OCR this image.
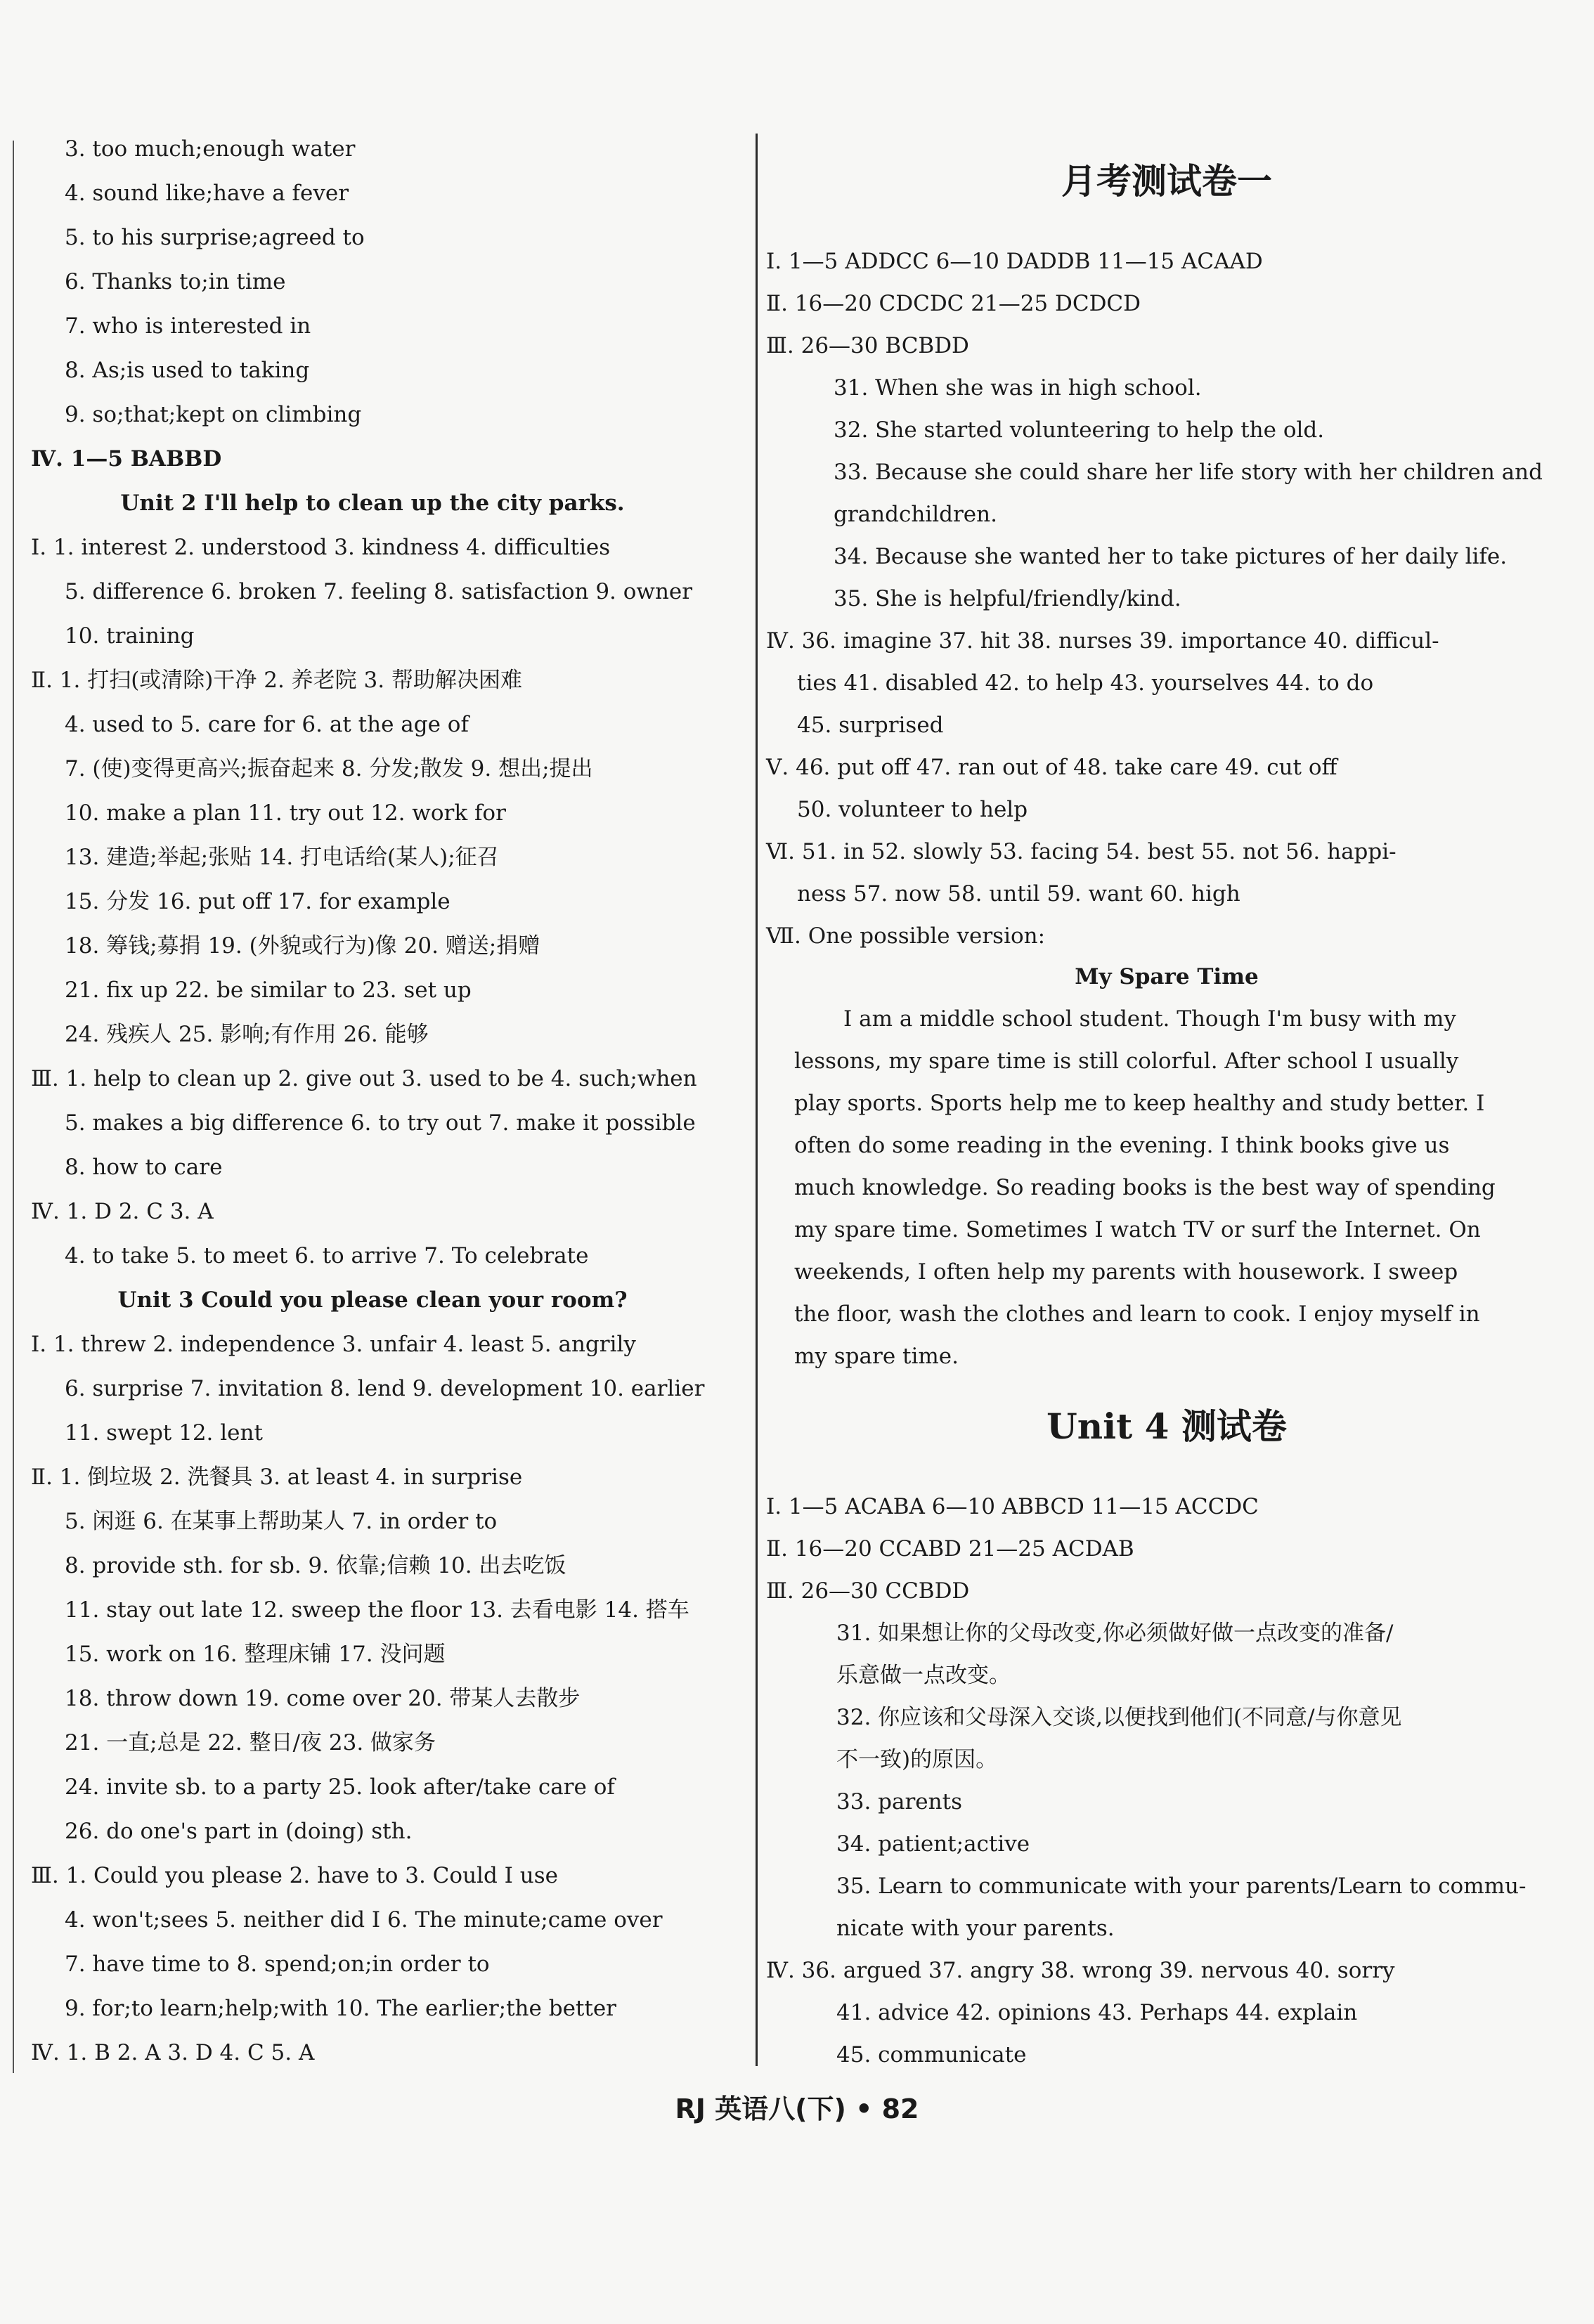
3. too much;enough water
4. sound like;have a fever
5. to his surprise;agreed to
6. Thanks to;in time
7. who is interested in
8. As;is used to taking
9. so;that;kept on climbing
Ⅳ. 1—5 BABBD
Unit 2 I'll help to clean up the city parks.
Ⅰ. 1. interest 2. understood 3. kindness 4. difficulties
5. difference 6. broken 7. feeling 8. satisfaction 9. owner
10. training
Ⅱ. 1. 打扫(或清除)干净 2. 养老院 3. 帮助解决困难
4. used to 5. care for 6. at the age of
7. (使)变得更高兴;振奋起来 8. 分发;散发 9. 想出;提出
10. make a plan 11. try out 12. work for
13. 建造;举起;张贴 14. 打电话给(某人);征召
15. 分发 16. put off 17. for example
18. 筹钱;募捐 19. (外貌或行为)像 20. 赠送;捐赠
21. fix up 22. be similar to 23. set up
24. 残疾人 25. 影响;有作用 26. 能够
Ⅲ. 1. help to clean up 2. give out 3. used to be 4. such;when
5. makes a big difference 6. to try out 7. make it possible
8. how to care
Ⅳ. 1. D 2. C 3. A
4. to take 5. to meet 6. to arrive 7. To celebrate
Unit 3 Could you please clean your room?
Ⅰ. 1. threw 2. independence 3. unfair 4. least 5. angrily
6. surprise 7. invitation 8. lend 9. development 10. earlier
11. swept 12. lent
Ⅱ. 1. 倒垃圾 2. 洗餐具 3. at least 4. in surprise
5. 闲逛 6. 在某事上帮助某人 7. in order to
8. provide sth. for sb. 9. 依靠;信赖 10. 出去吃饭
11. stay out late 12. sweep the floor 13. 去看电影 14. 搭车
15. work on 16. 整理床铺 17. 没问题
18. throw down 19. come over 20. 带某人去散步
21. 一直;总是 22. 整日/夜 23. 做家务
24. invite sb. to a party 25. look after/take care of
26. do one's part in (doing) sth.
Ⅲ. 1. Could you please 2. have to 3. Could I use
4. won't;sees 5. neither did I 6. The minute;came over
7. have time to 8. spend;on;in order to
9. for;to learn;help;with 10. The earlier;the better
Ⅳ. 1. B 2. A 3. D 4. C 5. A
月考测试卷一
Ⅰ. 1—5 ADDCC 6—10 DADDB 11—15 ACAAD
Ⅱ. 16—20 CDCDC 21—25 DCDCD
Ⅲ. 26—30 BCBDD
31. When she was in high school.
32. She started volunteering to help the old.
33. Because she could share her life story with her children and
grandchildren.
34. Because she wanted her to take pictures of her daily life.
35. She is helpful/friendly/kind.
Ⅳ. 36. imagine 37. hit 38. nurses 39. importance 40. difficul-
ties 41. disabled 42. to help 43. yourselves 44. to do
45. surprised
Ⅴ. 46. put off 47. ran out of 48. take care 49. cut off
50. volunteer to help
Ⅵ. 51. in 52. slowly 53. facing 54. best 55. not 56. happi-
ness 57. now 58. until 59. want 60. high
Ⅶ. One possible version:
My Spare Time
I am a middle school student. Though I'm busy with my
lessons, my spare time is still colorful. After school I usually
play sports. Sports help me to keep healthy and study better. I
often do some reading in the evening. I think books give us
much knowledge. So reading books is the best way of spending
my spare time. Sometimes I watch TV or surf the Internet. On
weekends, I often help my parents with housework. I sweep
the floor, wash the clothes and learn to cook. I enjoy myself in
my spare time.
Unit 4 测试卷
Ⅰ. 1—5 ACABA 6—10 ABBCD 11—15 ACCDC
Ⅱ. 16—20 CCABD 21—25 ACDAB
Ⅲ. 26—30 CCBDD
31. 如果想让你的父母改变,你必须做好做一点改变的准备/
乐意做一点改变。
32. 你应该和父母深入交谈,以便找到他们(不同意/与你意见
不一致)的原因。
33. parents
34. patient;active
35. Learn to communicate with your parents/Learn to commu-
nicate with your parents.
Ⅳ. 36. argued 37. angry 38. wrong 39. nervous 40. sorry
41. advice 42. opinions 43. Perhaps 44. explain
45. communicate
RJ 英语八(下) • 82
